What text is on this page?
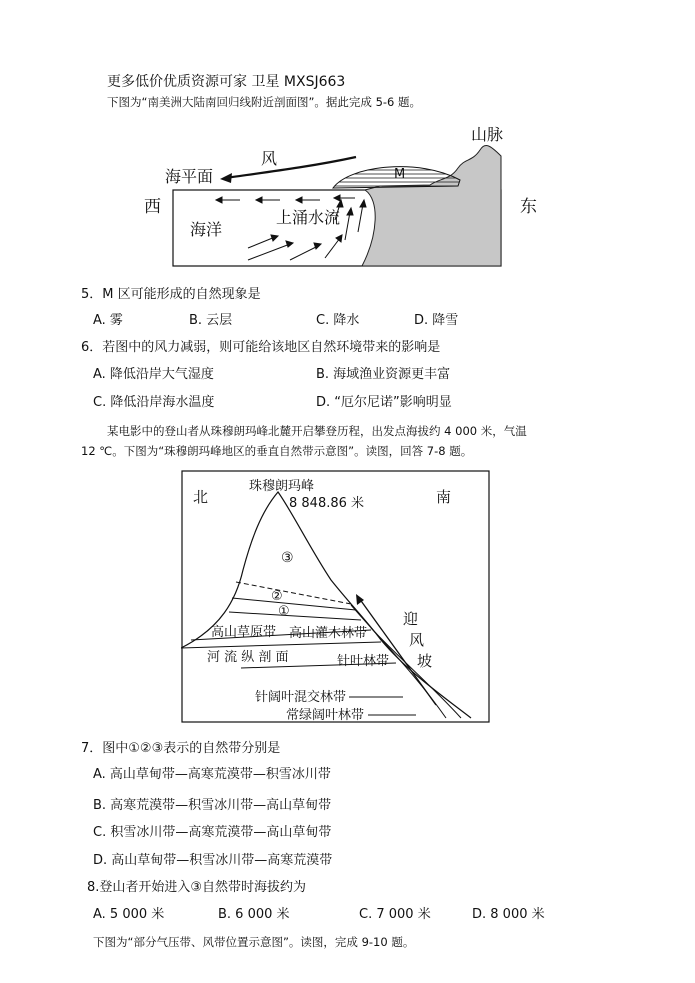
更多低价优质资源可家 卫星 MXSJ663
下图为“南美洲大陆南回归线附近剖面图”。据此完成 5-6 题。
M
风
海平面
西	东
山脉
海洋
上涌水流
5．M 区可能形成的自然现象是
A. 雾	B. 云层	C. 降水	D. 降雪
6．若图中的风力减弱，则可能给该地区自然环境带来的影响是
A. 降低沿岸大气湿度	B. 海域渔业资源更丰富
C. 降低沿岸海水温度	D. “厄尔尼诺”影响明显
某电影中的登山者从珠穆朗玛峰北麓开启攀登历程，出发点海拔约 4 000 米，气温
12 ℃。下图为“珠穆朗玛峰地区的垂直自然带示意图”。读图，回答 7-8 题。
珠穆朗玛峰
8 848.86 米
北	南
③
②
①
高山草原带 高山灌木林带
河 流 纵 剖 面	针叶林带
针阔叶混交林带
常绿阔叶林带
迎
风
坡
7．图中①②③表示的自然带分别是
A. 高山草甸带—高寒荒漠带—积雪冰川带
B. 高寒荒漠带—积雪冰川带—高山草甸带
C. 积雪冰川带—高寒荒漠带—高山草甸带
D. 高山草甸带—积雪冰川带—高寒荒漠带
8.登山者开始进入③自然带时海拔约为
A. 5 000 米	B. 6 000 米	C. 7 000 米	D. 8 000 米
下图为“部分气压带、风带位置示意图”。读图，完成 9-10 题。
